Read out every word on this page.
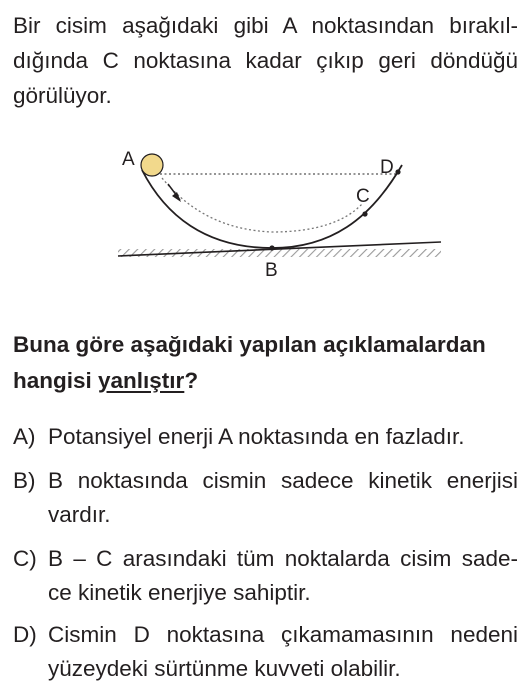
Bir cisim aşağıdaki gibi A noktasından bırakıl-
dığında C noktasına kadar çıkıp geri döndüğü
görülüyor.
A
B
C
D
Buna göre aşağıdaki yapılan açıklamalardan
hangisi yanlıştır?
A) Potansiyel enerji A noktasında en fazladır.
B) B noktasında cismin sadece kinetik enerjisi
vardır.
C) B – C arasındaki tüm noktalarda cisim sade-
ce kinetik enerjiye sahiptir.
D) Cismin D noktasına çıkamamasının nedeni
yüzeydeki sürtünme kuvveti olabilir.
